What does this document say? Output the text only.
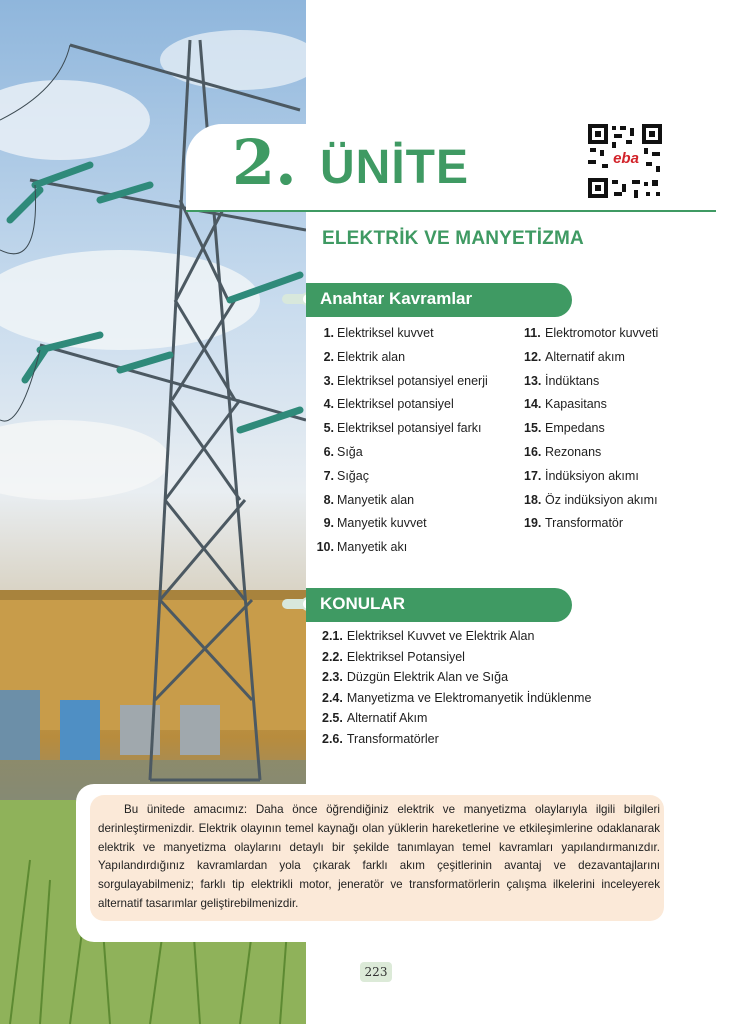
2. ÜNİTE	eba
ELEKTRİK VE MANYETİZMA
Anahtar Kavramlar
1. Elektriksel kuvvet
2. Elektrik alan
3. Elektriksel potansiyel enerji
4. Elektriksel potansiyel
5. Elektriksel potansiyel farkı
6. Sığa
7. Sığaç
8. Manyetik alan
9. Manyetik kuvvet
10. Manyetik akı
11. Elektromotor kuvveti
12. Alternatif akım
13. İndüktans
14. Kapasitans
15. Empedans
16. Rezonans
17. İndüksiyon akımı
18. Öz indüksiyon akımı
19. Transformatör
KONULAR
2.1. Elektriksel Kuvvet ve Elektrik Alan
2.2. Elektriksel Potansiyel
2.3. Düzgün Elektrik Alan ve Sığa
2.4. Manyetizma ve Elektromanyetik İndüklenme
2.5. Alternatif Akım
2.6. Transformatörler
Bu ünitede amacımız: Daha önce öğrendiğiniz elektrik ve manyetizma olaylarıyla ilgili bilgileri derinleştirmenizdir. Elektrik olayının temel kaynağı olan yüklerin hareketlerine ve etkileşimlerine odaklanarak elektrik ve manyetizma olaylarını detaylı bir şekilde tanımlayan temel kavramları yapılandırmanızdır. Yapılandırdığınız kavramlardan yola çıkarak farklı akım çeşitlerinin avantaj ve dezavantajlarını sorgulayabilmeniz; farklı tip elektrikli motor, jeneratör ve transformatörlerin çalışma ilkelerini inceleyerek alternatif tasarımlar geliştirebilmenizdir.
223
